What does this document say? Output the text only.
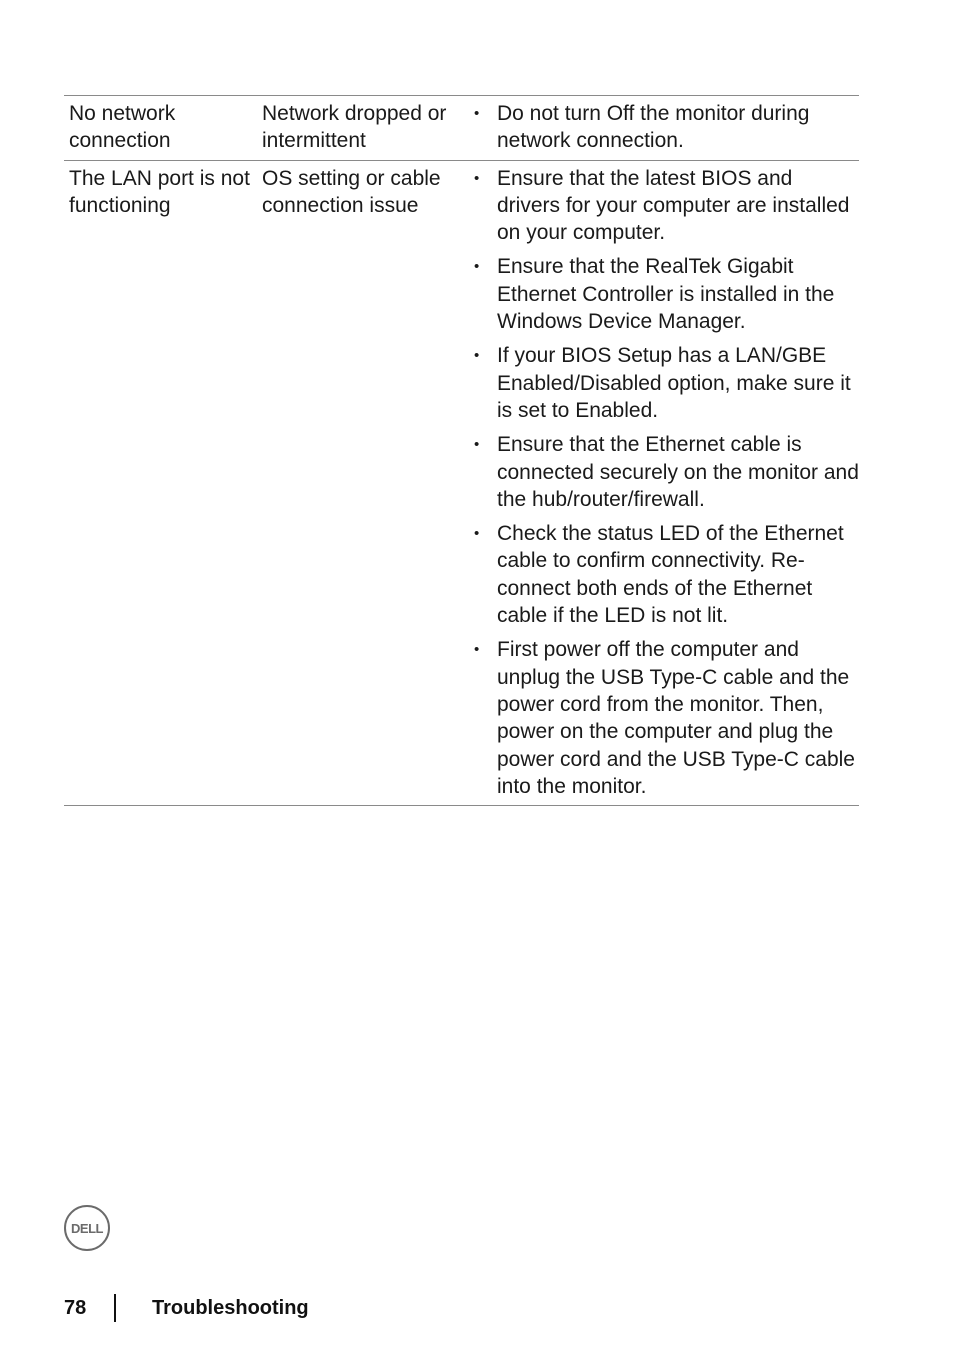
No network connection
Network dropped or intermittent
• Do not turn Off the monitor during network connection.
The LAN port is not functioning
OS setting or cable connection issue
• Ensure that the latest BIOS and drivers for your computer are installed on your computer.
• Ensure that the RealTek Gigabit Ethernet Controller is installed in the Windows Device Manager.
• If your BIOS Setup has a LAN/GBE Enabled/Disabled option, make sure it is set to Enabled.
• Ensure that the Ethernet cable is connected securely on the monitor and the hub/router/firewall.
• Check the status LED of the Ethernet cable to confirm connectivity. Re-connect both ends of the Ethernet cable if the LED is not lit.
• First power off the computer and unplug the USB Type-C cable and the power cord from the monitor. Then, power on the computer and plug the power cord and the USB Type-C cable into the monitor.
DELL
78	Troubleshooting
